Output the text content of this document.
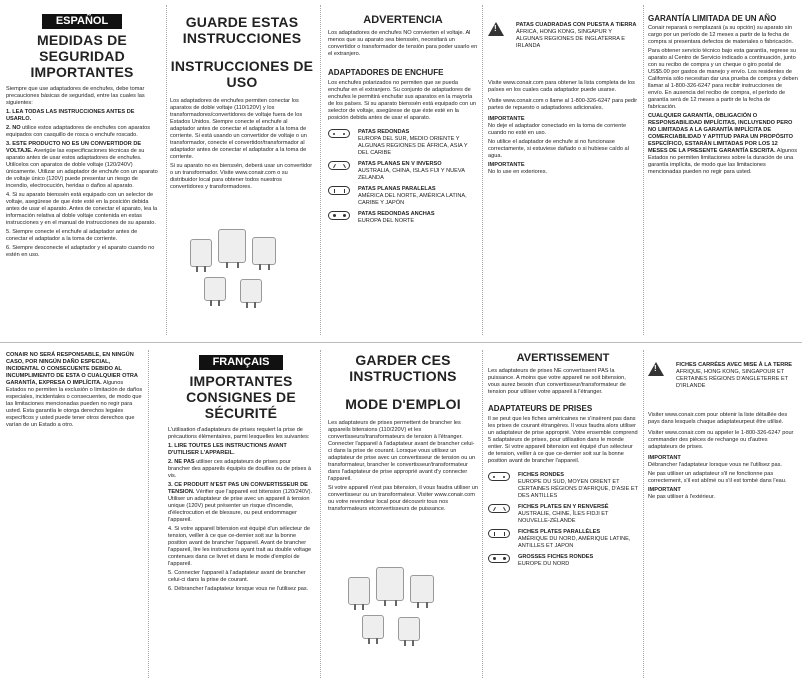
ESPAÑOL
MEDIDAS DE SEGURIDAD IMPORTANTES

Siempre que use adaptadores de enchufes, debe tomar precauciones básicas de seguridad, entre las cuales las siguientes:

1. LEA TODAS LAS INSTRUCCIONES ANTES DE USARLO.

2. NO utilice estos adaptadores de enchufes con aparatos equipados con casquillo de rosca o enchufe roscado.

3. ESTE PRODUCTO NO ES UN CONVERTIDOR DE VOLTAJE. Averigüe las especificaciones técnicas de su aparato antes de usar estos adaptadores de enchufes. Utilícelos con aparatos de doble voltaje (120/240V) únicamente. Utilizar un adaptador de enchufe con un aparato de voltaje único (120V) puede presentar un riesgo de incendio, electrocución, heridas o daños al aparato.

4. Si su aparato bienssén está equipado con un selector de voltaje, asegúrese de que éste esté en la posición debida antes de usar el aparato. Antes de conectar el aparato, lea la información relativa al doble voltaje contenida en estas instrucciones y en el manual de instrucciones de su aparato.

5. Siempre conecte el enchufe al adaptador antes de conectar el adaptador a la toma de corriente.

6. Siempre desconecte el adaptador y el aparato cuando no estén en uso.

GUARDE ESTAS INSTRUCCIONES
INSTRUCCIONES DE USO

Los adaptadores de enchufes permiten conectar los aparatos de doble voltaje (110/120V) y los transformadores/convertidores de voltaje fuera de los Estados Unidos. Siempre conecte el enchufe al adaptador antes de conectar el adaptador a la toma de corriente. Si está usando un convertidor de voltaje o un transformador, conecte el convertidor/transformador al adaptador antes de conectar el adaptador a la toma de corriente.

Si su aparato no es bienssén, deberá usar un convertidor o un transformador. Visite www.conair.com o su distribuidor local para obtener todos nuestros convertidores y transformadores.

ADVERTENCIA

Los adaptadores de enchufes NO convierten el voltaje. Al menos que su aparato sea bienssén, necesitará un convertidor o transformador de tensión para poder usarlo en el extranjero.

ADAPTADORES DE ENCHUFE

Los enchufes polarizados no permiten que se pueda enchufar en el extranjero. Su conjunto de adaptadores de enchufes le permitirá enchufar sus aparatos en la mayoría de los países. Si su aparato bienssén está equipado con un selector de voltaje, asegúrese de que éste esté en la posición debida antes de usar el aparato.

PATAS REDONDAS
EUROPA DEL SUR, MEDIO ORIENTE Y ALGUNAS REGIONES DE ÁFRICA, ASIA Y DEL CARIBE
PATAS PLANAS EN V INVERSO
AUSTRALIA, CHINA, ISLAS FIJI Y NUEVA ZELANDA
PATAS PLANAS PARALELAS
AMÉRICA DEL NORTE, AMÉRICA LATINA, CARIBE Y JAPÓN
PATAS REDONDAS ANCHAS
EUROPA DEL NORTE
!
PATAS CUADRADAS CON PUESTA A TIERRA
ÁFRICA, HONG KONG, SINGAPUR Y ALGUNAS REGIONES DE INGLATERRA E IRLANDA

Visite www.conair.com para obtener la lista completa de los países en los cuales cada adaptador puede usarse.

Visite www.conair.com o llame al 1-800-326-6247 para pedir partes de repuesto o adaptadores adicionales.

IMPORTANTE

No deje el adaptador conectado en la toma de corriente cuando no esté en uso.

No utilice el adaptador de enchufe si no funcionase correctamente, si estuviese dañado o si hubiese caído al agua.

IMPORTANTE

No lo use en exteriores.

GARANTÍA LIMITADA DE UN AÑO

Conair reparará o remplazará (a su opción) su aparato sin cargo por un período de 12 meses a partir de la fecha de compra si presentara defectos de materiales o fabricación.

Para obtener servicio técnico bajo esta garantía, regrese su aparato al Centro de Servicio indicado a continuación, junto con su recibo de compra y un cheque o giro postal de US$5.00 por gastos de manejo y envío. Los residentes de California sólo necesitan dar una prueba de compra y deben llamar al 1-800-326-6247 para recibir instrucciones de envío. En ausencia del recibo de compra, el período de garantía será de 12 meses a partir de la fecha de fabricación.

CUALQUIER GARANTÍA, OBLIGACIÓN O RESPONSABILIDAD IMPLÍCITAS, INCLUYENDO PERO NO LIMITADAS A LA GARANTÍA IMPLÍCITA DE COMERCIABILIDAD Y APTITUD PARA UN PROPÓSITO ESPECÍFICO, ESTARÁN LIMITADAS POR LOS 12 MESES DE LA PRESENTE GARANTÍA ESCRITA. Algunos Estados no permiten limitaciones sobre la duración de una garantía implícita, de modo que las limitaciones mencionadas pueden no regir para usted.

CONAIR NO SERÁ RESPONSABLE, EN NINGÚN CASO, POR NINGÚN DAÑO ESPECIAL, INCIDENTAL O CONSECUENTE DEBIDO AL INCUMPLIMIENTO DE ESTA O CUALQUIER OTRA GARANTÍA, EXPRESA O IMPLÍCITA. Algunos Estados no permiten la exclusión o limitación de daños especiales, incidentales o consecuentes, de modo que las limitaciones mencionadas pueden no regir para usted. Esta garantía le otorga derechos legales específicos y usted puede tener otros derechos que varían de un Estado a otro.

FRANÇAIS
IMPORTANTES CONSIGNES DE SÉCURITÉ

L'utilisation d'adaptateurs de prises requiert la prise de précautions élémentaires, parmi lesquelles les suivantes:

1. LIRE TOUTES LES INSTRUCTIONS AVANT D'UTILISER L'APPAREIL.

2. NE PAS utiliser ces adaptateurs de prises pour brancher des appareils équipés de douilles ou de prises à vis.

3. CE PRODUIT N'EST PAS UN CONVERTISSEUR DE TENSION. Vérifier que l'appareil est bitension (120/240V). Utiliser un adaptateur de prise avec un appareil à tension unique (120V) peut présenter un risque d'incendie, d'électrocution et de blessure, ou peut endommager l'appareil.

4. Si votre appareil bitension est équipé d'un sélecteur de tension, veiller à ce que ce-dernier soit sur la bonne position avant de brancher l'appareil. Avant de brancher l'appareil, lire les instructions ayant trait au double voltage contenues dans ce livret et dans le mode d'emploi de l'appareil.

5. Connecter l'appareil à l'adaptateur avant de brancher celui-ci dans la prise de courant.

6. Débrancher l'adaptateur lorsque vous ne l'utilisez pas.

GARDER CES INSTRUCTIONS
MODE D'EMPLOI

Les adaptateurs de prises permettent de brancher les appareils bitensions (110/220V) et les convertisseurs/transformateurs de tension à l'étranger. Connecter l'appareil à l'adaptateur avant de brancher celui-ci dans la prise de courant. Lorsque vous utilisez un adaptateur de prise avec un convertisseur de tension ou un transformateur, brancher le convertisseur/transformateur dans l'adaptateur de prise approprié avant d'y connecter l'appareil.

Si votre appareil n'est pas bitension, il vous faudra utiliser un convertisseur ou un transformateur. Visiter www.conair.com ou votre revendeur local pour découvrir tous nos transformateurs etconvertisseurs de puissance.

AVERTISSEMENT

Les adaptateurs de prises NE convertissent PAS la puissance. A moins que votre appareil ne soit bitension, vous aurez besoin d'un convertisseur/transformateur de tension pour utiliser votre appareil à l'étranger.

ADAPTATEURS DE PRISES

Il se peut que les fiches américaines ne s'insèrent pas dans les prises de courant étrangères. Il vous faudra alors utiliser un adaptateur de prise approprié. Votre ensemble comprend 5 adaptateurs de prises, pour utilisation dans le monde entier. Si votre appareil bitension est équipé d'un sélecteur de tension, veiller à ce que ce-dernier soit sur la bonne position avant de brancher l'appareil.

FICHES RONDES
EUROPE DU SUD, MOYEN ORIENT ET CERTAINES RÉGIONS D'AFRIQUE, D'ASIE ET DES ANTILLES
FICHES PLATES EN Y RENVERSÉ
AUSTRALIE, CHINE, ÎLES FIDJI ET NOUVELLE-ZÉLANDE
FICHES PLATES PARALLÈLES
AMÉRIQUE DU NORD, AMÉRIQUE LATINE, ANTILLES ET JAPON
GROSSES FICHES RONDES
EUROPE DU NORD
!
FICHES CARRÉES AVEC MISE À LA TERRE
AFRIQUE, HONG KONG, SINGAPOUR ET CERTAINES RÉGIONS D'ANGLETERRE ET D'IRLANDE

Visiter www.conair.com pour obtenir la liste détaillée des pays dans lesquels chaque adaptateurpeut être utilisé.

Visiter www.conair.com ou appeler le 1-800-326-6247 pour commander des pièces de rechange ou d'autres adaptateurs de prises.

IMPORTANT

Débrancher l'adaptateur lorsque vous ne l'utilisez pas.

Ne pas utiliser un adaptateur s'il ne fonctionne pas correctement, s'il est abîmé ou s'il est tombé dans l'eau.

IMPORTANT

Ne pas utiliser à l'extérieur.
